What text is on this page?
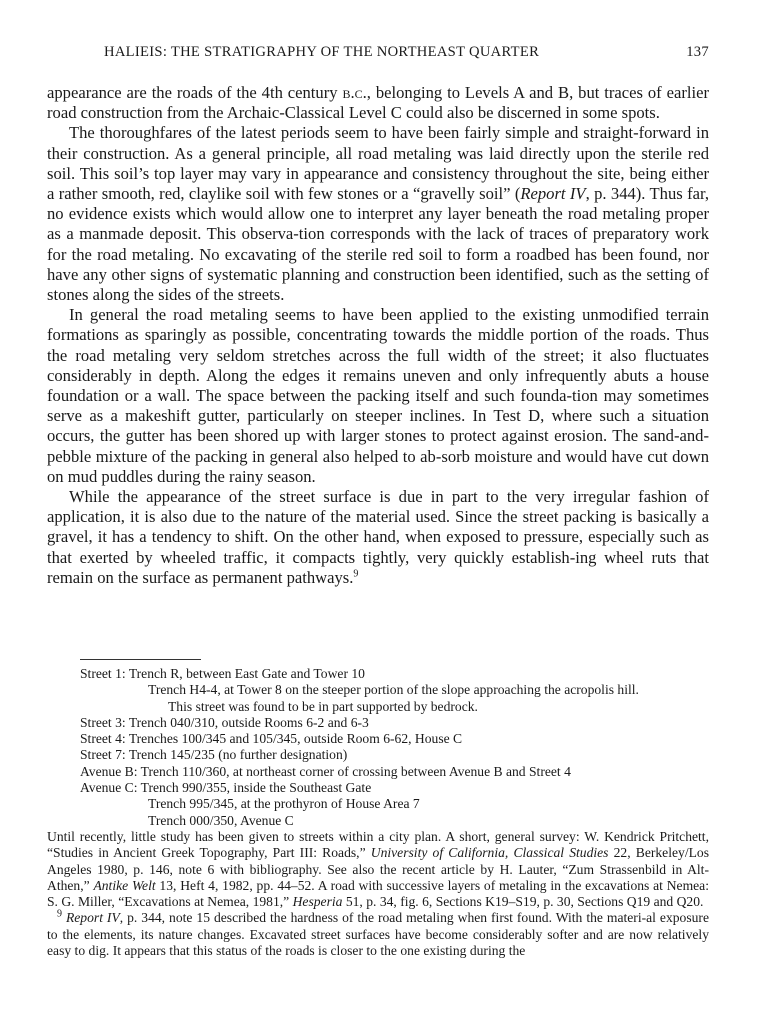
HALIEIS: THE STRATIGRAPHY OF THE NORTHEAST QUARTER	137

appearance are the roads of the 4th century b.c., belonging to Levels A and B, but traces of earlier road construction from the Archaic-Classical Level C could also be discerned in some spots.

The thoroughfares of the latest periods seem to have been fairly simple and straight-forward in their construction. As a general principle, all road metaling was laid directly upon the sterile red soil. This soil’s top layer may vary in appearance and consistency throughout the site, being either a rather smooth, red, claylike soil with few stones or a “gravelly soil” (Report IV, p. 344). Thus far, no evidence exists which would allow one to interpret any layer beneath the road metaling proper as a manmade deposit. This observa-tion corresponds with the lack of traces of preparatory work for the road metaling. No excavating of the sterile red soil to form a roadbed has been found, nor have any other signs of systematic planning and construction been identified, such as the setting of stones along the sides of the streets.

In general the road metaling seems to have been applied to the existing unmodified terrain formations as sparingly as possible, concentrating towards the middle portion of the roads. Thus the road metaling very seldom stretches across the full width of the street; it also fluctuates considerably in depth. Along the edges it remains uneven and only infrequently abuts a house foundation or a wall. The space between the packing itself and such founda-tion may sometimes serve as a makeshift gutter, particularly on steeper inclines. In Test D, where such a situation occurs, the gutter has been shored up with larger stones to protect against erosion. The sand-and-pebble mixture of the packing in general also helped to ab-sorb moisture and would have cut down on mud puddles during the rainy season.

While the appearance of the street surface is due in part to the very irregular fashion of application, it is also due to the nature of the material used. Since the street packing is basically a gravel, it has a tendency to shift. On the other hand, when exposed to pressure, especially such as that exerted by wheeled traffic, it compacts tightly, very quickly establish-ing wheel ruts that remain on the surface as permanent pathways.$^9$

Street 1: Trench R, between East Gate and Tower 10
Trench H4-4, at Tower 8 on the steeper portion of the slope approaching the acropolis hill.
This street was found to be in part supported by bedrock.
Street 3: Trench 040/310, outside Rooms 6-2 and 6-3
Street 4: Trenches 100/345 and 105/345, outside Room 6-62, House C
Street 7: Trench 145/235 (no further designation)
Avenue B: Trench 110/360, at northeast corner of crossing between Avenue B and Street 4
Avenue C: Trench 990/355, inside the Southeast Gate
Trench 995/345, at the prothyron of House Area 7
Trench 000/350, Avenue C

Until recently, little study has been given to streets within a city plan. A short, general survey: W. Kendrick Pritchett, “Studies in Ancient Greek Topography, Part III: Roads,” University of California, Classical Studies 22, Berkeley/Los Angeles 1980, p. 146, note 6 with bibliography. See also the recent article by H. Lauter, “Zum Strassenbild in Alt-Athen,” Antike Welt 13, Heft 4, 1982, pp. 44–52. A road with successive layers of metaling in the excavations at Nemea: S. G. Miller, “Excavations at Nemea, 1981,” Hesperia 51, p. 34, fig. 6, Sections K19–S19, p. 30, Sections Q19 and Q20.

$^9$ Report IV, p. 344, note 15 described the hardness of the road metaling when first found. With the materi-al exposure to the elements, its nature changes. Excavated street surfaces have become considerably softer and are now relatively easy to dig. It appears that this status of the roads is closer to the one existing during the
